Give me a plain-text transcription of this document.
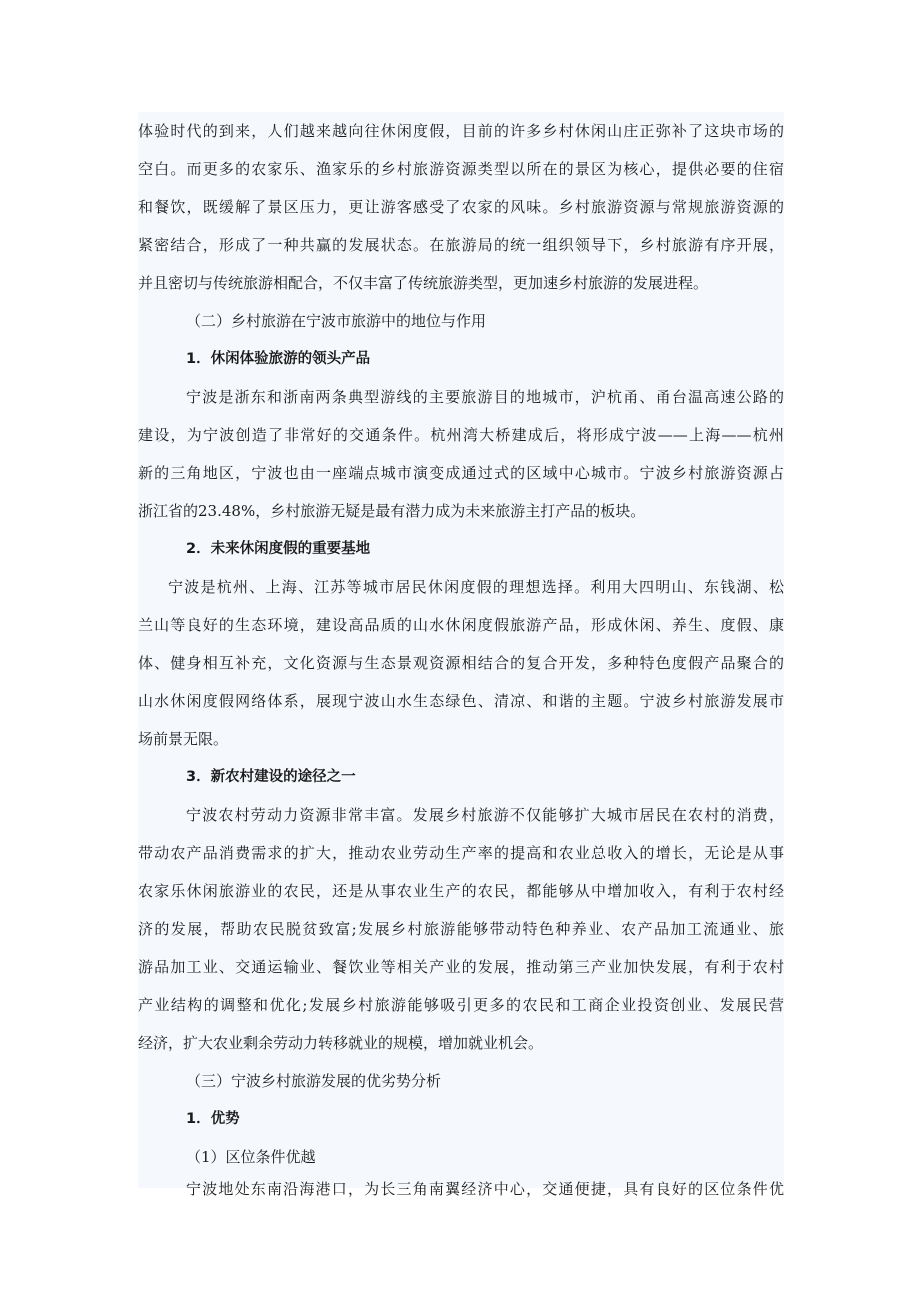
体验时代的到来，人们越来越向往休闲度假，目前的许多乡村休闲山庄正弥补了这块市场的
空白。而更多的农家乐、渔家乐的乡村旅游资源类型以所在的景区为核心，提供必要的住宿
和餐饮，既缓解了景区压力，更让游客感受了农家的风味。乡村旅游资源与常规旅游资源的
紧密结合，形成了一种共赢的发展状态。在旅游局的统一组织领导下，乡村旅游有序开展，
并且密切与传统旅游相配合，不仅丰富了传统旅游类型，更加速乡村旅游的发展进程。
（二）乡村旅游在宁波市旅游中的地位与作用
1．休闲体验旅游的领头产品
宁波是浙东和浙南两条典型游线的主要旅游目的地城市，沪杭甬、甬台温高速公路的
建设，为宁波创造了非常好的交通条件。杭州湾大桥建成后，将形成宁波——上海——杭州
新的三角地区，宁波也由一座端点城市演变成通过式的区域中心城市。宁波乡村旅游资源占
浙江省的23.48%，乡村旅游无疑是最有潜力成为未来旅游主打产品的板块。
2．未来休闲度假的重要基地
宁波是杭州、上海、江苏等城市居民休闲度假的理想选择。利用大四明山、东钱湖、松
兰山等良好的生态环境，建设高品质的山水休闲度假旅游产品，形成休闲、养生、度假、康
体、健身相互补充，文化资源与生态景观资源相结合的复合开发，多种特色度假产品聚合的
山水休闲度假网络体系，展现宁波山水生态绿色、清凉、和谐的主题。宁波乡村旅游发展市
场前景无限。
3．新农村建设的途径之一
宁波农村劳动力资源非常丰富。发展乡村旅游不仅能够扩大城市居民在农村的消费，
带动农产品消费需求的扩大，推动农业劳动生产率的提高和农业总收入的增长，无论是从事
农家乐休闲旅游业的农民，还是从事农业生产的农民，都能够从中增加收入，有利于农村经
济的发展，帮助农民脱贫致富;发展乡村旅游能够带动特色种养业、农产品加工流通业、旅
游品加工业、交通运输业、餐饮业等相关产业的发展，推动第三产业加快发展，有利于农村
产业结构的调整和优化;发展乡村旅游能够吸引更多的农民和工商企业投资创业、发展民营
经济，扩大农业剩余劳动力转移就业的规模，增加就业机会。
（三）宁波乡村旅游发展的优劣势分析
1．优势
（1）区位条件优越
宁波地处东南沿海港口，为长三角南翼经济中心，交通便捷，具有良好的区位条件优
